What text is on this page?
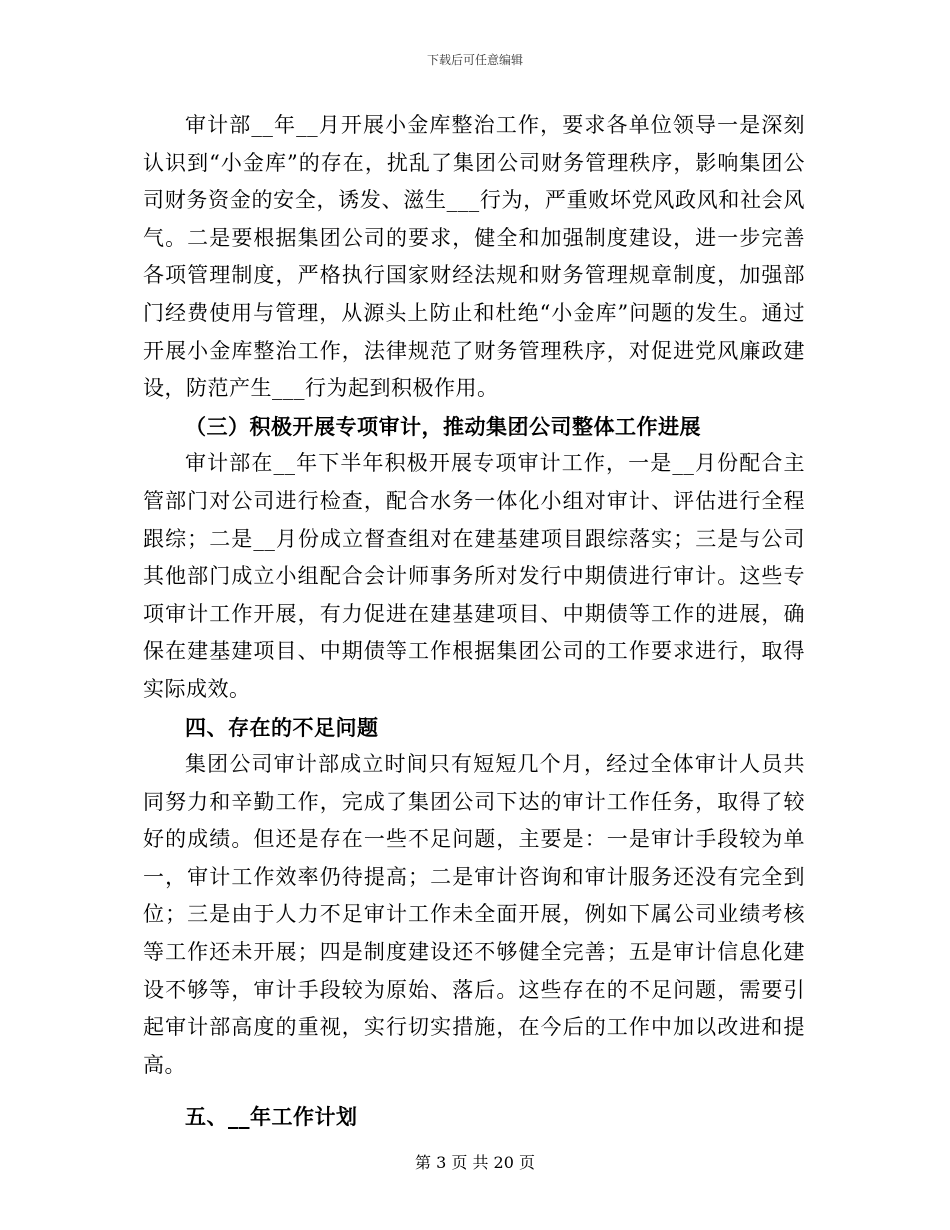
下载后可任意编辑

审计部__年__月开展小金库整治工作，要求各单位领导一是深刻认识到“小金库”的存在，扰乱了集团公司财务管理秩序，影响集团公司财务资金的安全，诱发、滋生___行为，严重败坏党风政风和社会风气。二是要根据集团公司的要求，健全和加强制度建设，进一步完善各项管理制度，严格执行国家财经法规和财务管理规章制度，加强部门经费使用与管理，从源头上防止和杜绝“小金库”问题的发生。通过开展小金库整治工作，法律规范了财务管理秩序，对促进党风廉政建设，防范产生___行为起到积极作用。

（三）积极开展专项审计，推动集团公司整体工作进展

审计部在__年下半年积极开展专项审计工作，一是__月份配合主管部门对公司进行检查，配合水务一体化小组对审计、评估进行全程跟综；二是__月份成立督查组对在建基建项目跟综落实；三是与公司其他部门成立小组配合会计师事务所对发行中期债进行审计。这些专项审计工作开展，有力促进在建基建项目、中期债等工作的进展，确保在建基建项目、中期债等工作根据集团公司的工作要求进行，取得实际成效。

四、存在的不足问题

集团公司审计部成立时间只有短短几个月，经过全体审计人员共同努力和辛勤工作，完成了集团公司下达的审计工作任务，取得了较好的成绩。但还是存在一些不足问题，主要是：一是审计手段较为单一，审计工作效率仍待提高；二是审计咨询和审计服务还没有完全到位；三是由于人力不足审计工作未全面开展，例如下属公司业绩考核等工作还未开展；四是制度建设还不够健全完善；五是审计信息化建设不够等，审计手段较为原始、落后。这些存在的不足问题，需要引起审计部高度的重视，实行切实措施，在今后的工作中加以改进和提高。

五、__年工作计划

第 3 页 共 20 页
